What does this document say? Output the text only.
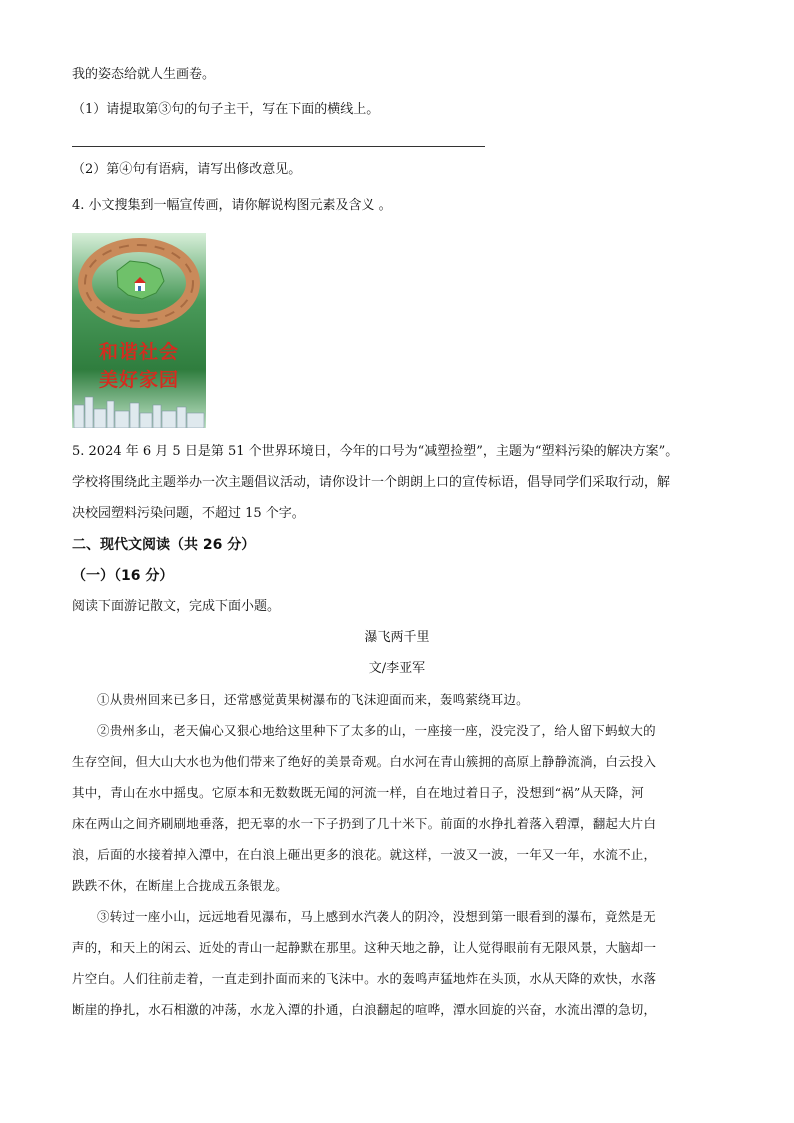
我的姿态给就人生画卷。
（1）请提取第③句的句子主干，写在下面的横线上。
（2）第④句有语病，请写出修改意见。
4. 小文搜集到一幅宣传画，请你解说构图元素及含义 。
和谐社会
美好家园
5. 2024 年 6 月 5 日是第 51 个世界环境日，今年的口号为“减塑捡塑”，主题为“塑料污染的解决方案”。
学校将围绕此主题举办一次主题倡议活动，请你设计一个朗朗上口的宣传标语，倡导同学们采取行动，解
决校园塑料污染问题，不超过 15 个字。
二、现代文阅读（共 26 分）
（一）（16 分）
阅读下面游记散文，完成下面小题。
瀑飞两千里
文/李亚军
①从贵州回来已多日，还常感觉黄果树瀑布的飞沫迎面而来，轰鸣萦绕耳边。
②贵州多山，老天偏心又狠心地给这里种下了太多的山，一座接一座，没完没了，给人留下蚂蚁大的
生存空间，但大山大水也为他们带来了绝好的美景奇观。白水河在青山簇拥的高原上静静流淌，白云投入
其中，青山在水中摇曳。它原本和无数数既无闻的河流一样，自在地过着日子，没想到“祸”从天降，河
床在两山之间齐刷刷地垂落，把无辜的水一下子扔到了几十米下。前面的水挣扎着落入碧潭，翻起大片白
浪，后面的水接着掉入潭中，在白浪上砸出更多的浪花。就这样，一波又一波，一年又一年，水流不止，
跌跌不休，在断崖上合拢成五条银龙。
③转过一座小山，远远地看见瀑布，马上感到水汽袭人的阴冷，没想到第一眼看到的瀑布，竟然是无
声的，和天上的闲云、近处的青山一起静默在那里。这种天地之静，让人觉得眼前有无限风景，大脑却一
片空白。人们往前走着，一直走到扑面而来的飞沫中。水的轰鸣声猛地炸在头顶，水从天降的欢快，水落
断崖的挣扎，水石相激的冲荡，水龙入潭的扑通，白浪翻起的喧哗，潭水回旋的兴奋，水流出潭的急切，
